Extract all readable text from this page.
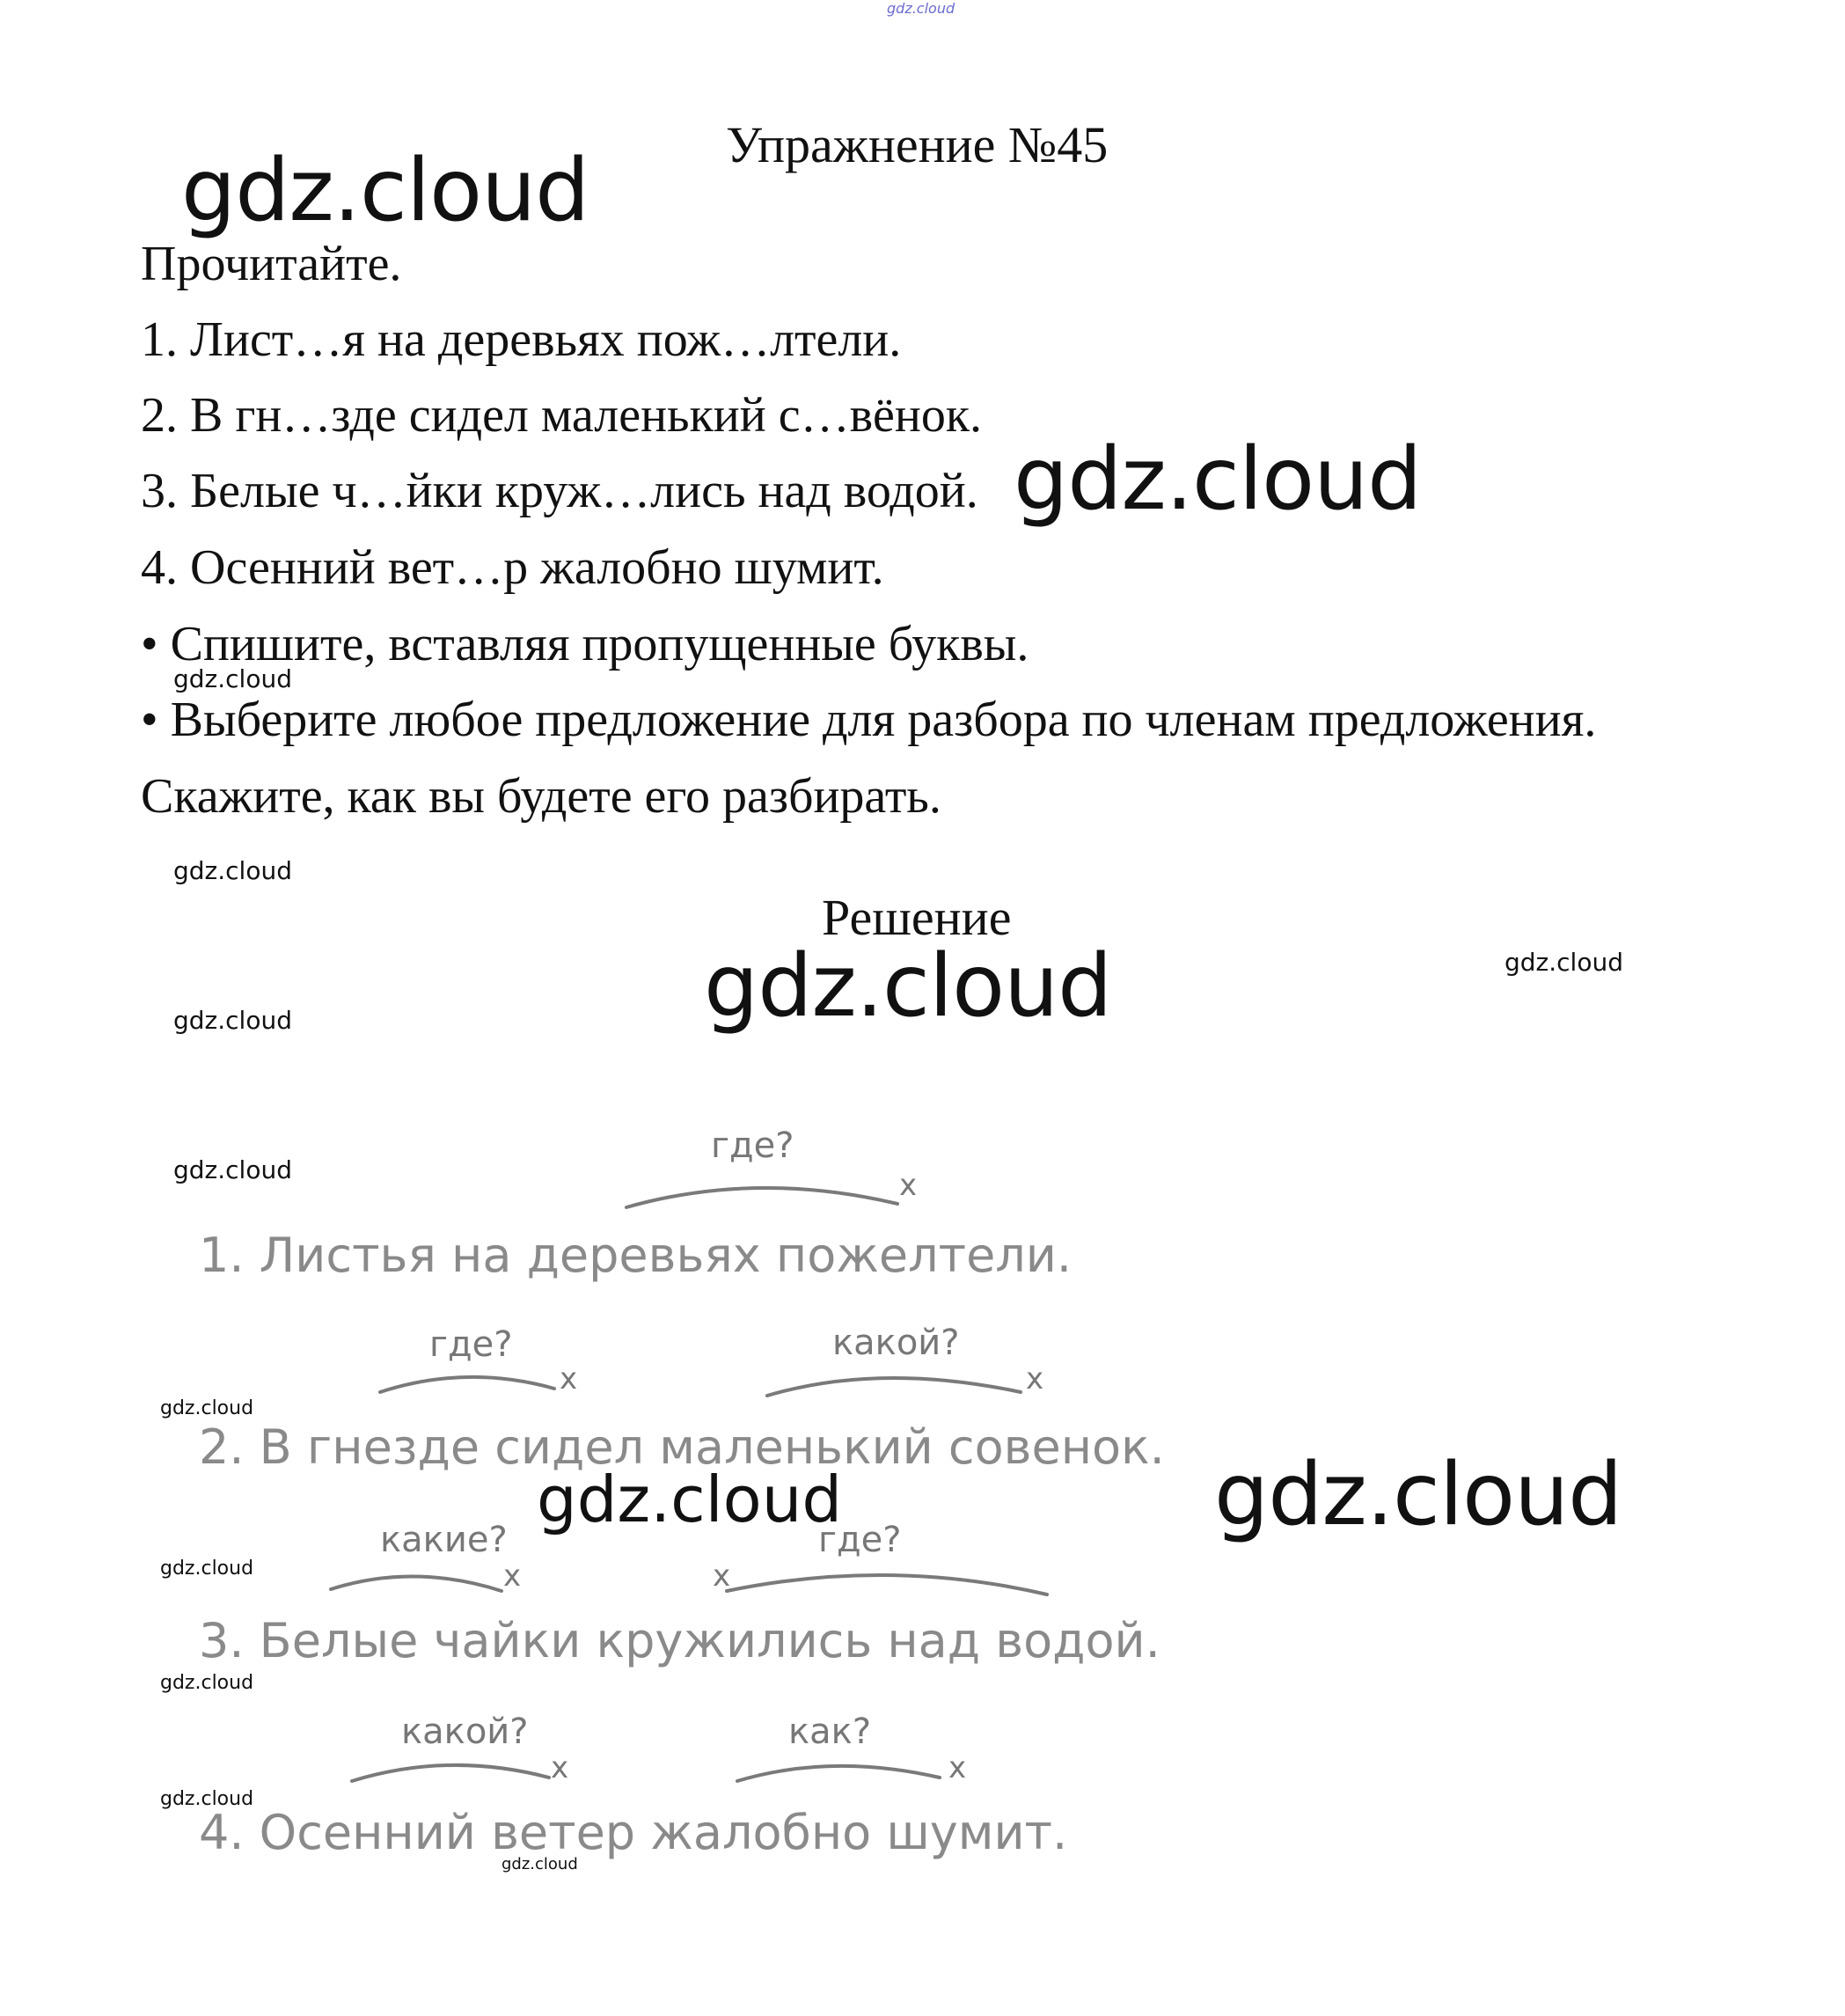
gdz.cloud
Упражнение №45
gdz.cloud
Прочитайте.
1. Лист…я на деревьях пож…лтели.
2. В гн…зде сидел маленький с…вёнок.
3. Белые ч…йки круж…лись над водой. gdz.cloud
4. Осенний вет…р жалобно шумит.
• Спишите, вставляя пропущенные буквы.
gdz.cloud
• Выберите любое предложение для разбора по членам предложения.
Скажите, как вы будете его разбирать.
gdz.cloud
Решение
gdz.cloud	gdz.cloud
gdz.cloud
gdz.cloud
где?
x
1. Листья на деревьях пожелтели.
где?
x
какой?
x
gdz.cloud
2. В гнезде сидел маленький совенок.
gdz.cloud	gdz.cloud
какие?
x	x
где?
gdz.cloud
3. Белые чайки кружились над водой.
gdz.cloud
какой?
x
как?
x
gdz.cloud
4. Осенний ветер жалобно шумит.
gdz.cloud
